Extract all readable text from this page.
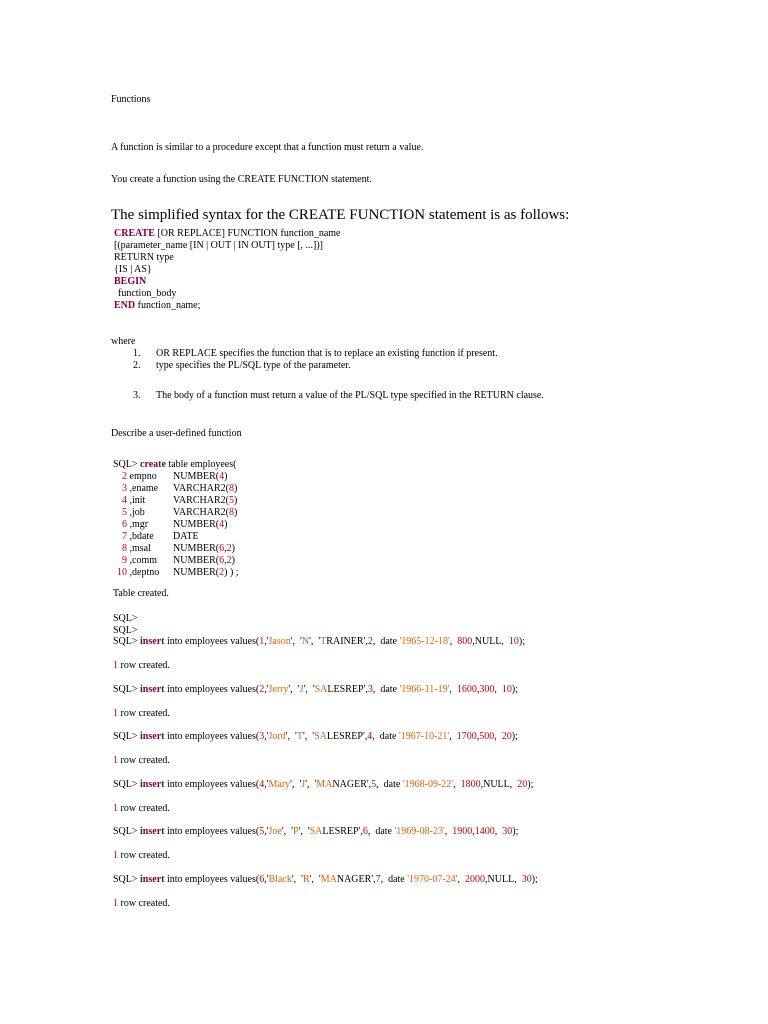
Functions
A function is similar to a procedure except that a function must return a value.
You create a function using the CREATE FUNCTION statement.
The simplified syntax for the CREATE FUNCTION statement is as follows:
CREATE [OR REPLACE] FUNCTION function_name
[(parameter_name [IN | OUT | IN OUT] type [, ...])]
RETURN type
{IS | AS}
BEGIN
function_body
END function_name;
where
1. OR REPLACE specifies the function that is to replace an existing function if present.
2. type specifies the PL/SQL type of the parameter.
3. The body of a function must return a value of the PL/SQL type specified in the RETURN clause.
Describe a user-defined function
SQL> create table employees(
2 empno NUMBER(4)
3 ,ename VARCHAR2(8)
4 ,init	VARCHAR2(5)
5 ,job	VARCHAR2(8)
6 ,mgr NUMBER(4)
7 ,bdate DATE
8 ,msal NUMBER(6,2)
9 ,comm NUMBER(6,2)
10 ,deptno NUMBER(2) ) ;
Table created.
SQL>
SQL>
SQL> insert into employees values(1,'Jason',  'N',  'TRAINER',2,  date '1965-12-18',  800,NULL,  10);
1 row created.
SQL> insert into employees values(2,'Jerry',  'J',  'SALESREP',3,  date '1966-11-19',  1600,300,  10);
1 row created.
SQL> insert into employees values(3,'Jord',  'T',  'SALESREP',4,  date '1967-10-21',  1700,500,  20);
1 row created.
SQL> insert into employees values(4,'Mary',  'J',  'MANAGER',5,  date '1968-09-22',  1800,NULL,  20);
1 row created.
SQL> insert into employees values(5,'Joe',  'P',  'SALESREP',6,  date '1969-08-23',  1900,1400,  30);
1 row created.
SQL> insert into employees values(6,'Black',  'R',  'MANAGER',7,  date '1970-07-24',  2000,NULL,  30);
1 row created.
